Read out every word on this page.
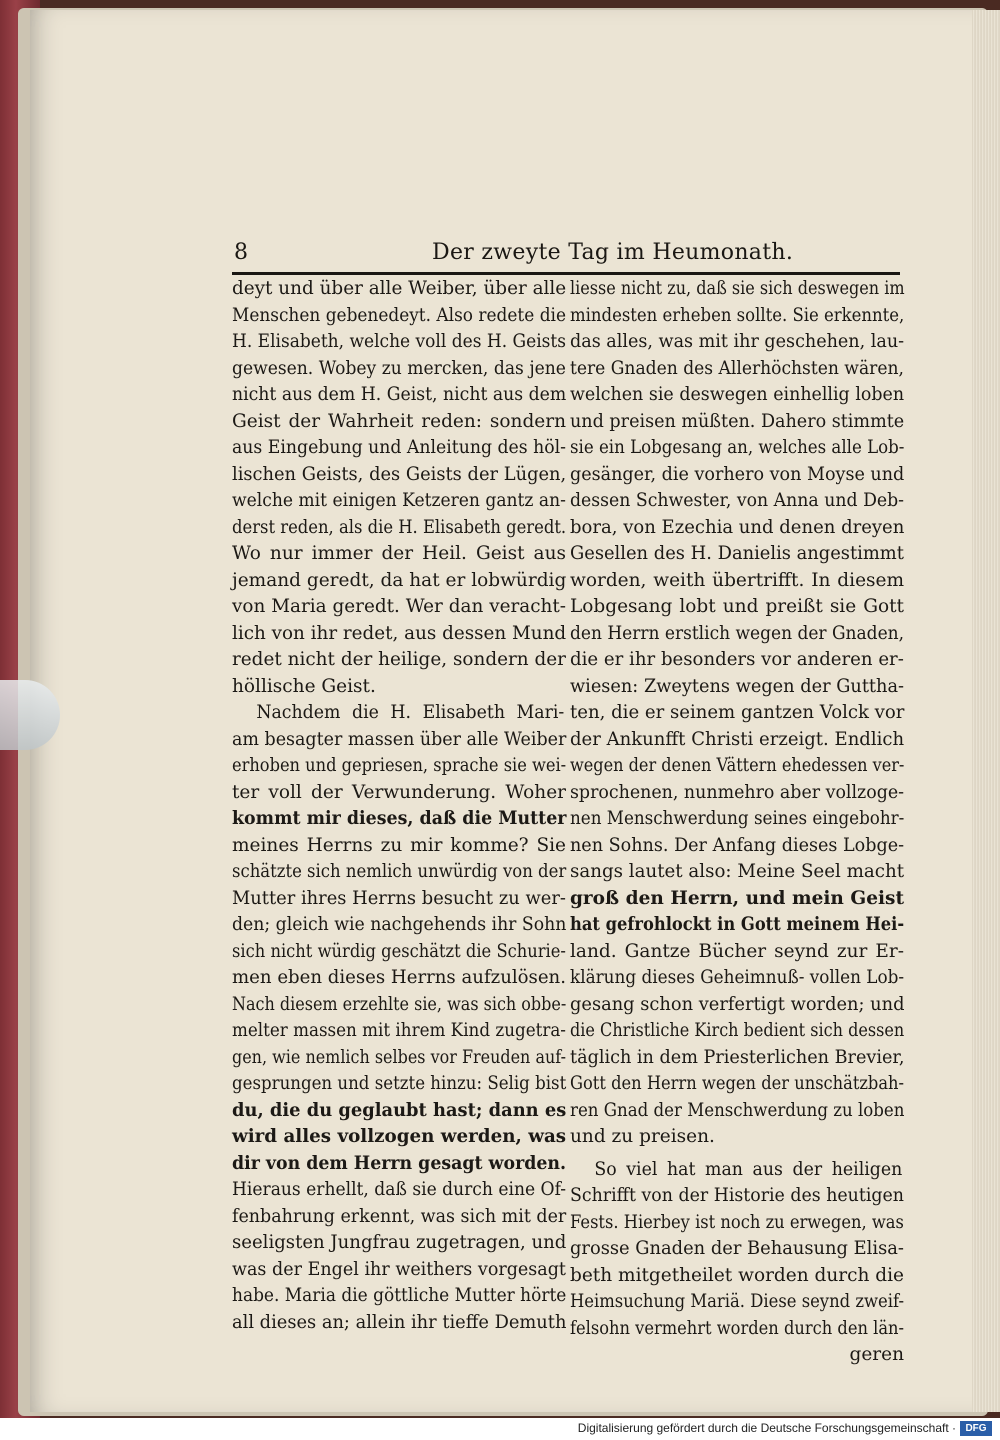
8	Der zweyte Tag im Heumonath.
deyt und über alle Weiber, über alle
Menschen gebenedeyt. Also redete die
H. Elisabeth, welche voll des H. Geists
gewesen. Wobey zu mercken, das jene
nicht aus dem H. Geist, nicht aus dem
Geist der Wahrheit reden: sondern
aus Eingebung und Anleitung des höl-
lischen Geists, des Geists der Lügen,
welche mit einigen Ketzeren gantz an-
derst reden, als die H. Elisabeth geredt.
Wo nur immer der Heil. Geist aus
jemand geredt, da hat er lobwürdig
von Maria geredt. Wer dan veracht-
lich von ihr redet, aus dessen Mund
redet nicht der heilige, sondern der
höllische Geist.
Nachdem die H. Elisabeth Mari-
am besagter massen über alle Weiber
erhoben und gepriesen, sprache sie wei-
ter voll der Verwunderung. Woher
kommt mir dieses, daß die Mutter
meines Herrns zu mir komme? Sie
schätzte sich nemlich unwürdig von der
Mutter ihres Herrns besucht zu wer-
den; gleich wie nachgehends ihr Sohn
sich nicht würdig geschätzt die Schurie-
men eben dieses Herrns aufzulösen.
Nach diesem erzehlte sie, was sich obbe-
melter massen mit ihrem Kind zugetra-
gen, wie nemlich selbes vor Freuden auf-
gesprungen und setzte hinzu: Selig bist
du, die du geglaubt hast; dann es
wird alles vollzogen werden, was
dir von dem Herrn gesagt worden.
Hieraus erhellt, daß sie durch eine Of-
fenbahrung erkennt, was sich mit der
seeligsten Jungfrau zugetragen, und
was der Engel ihr weithers vorgesagt
habe. Maria die göttliche Mutter hörte
all dieses an; allein ihr tieffe Demuth
liesse nicht zu, daß sie sich deswegen im
mindesten erheben sollte. Sie erkennte,
das alles, was mit ihr geschehen, lau-
tere Gnaden des Allerhöchsten wären,
welchen sie deswegen einhellig loben
und preisen müßten. Dahero stimmte
sie ein Lobgesang an, welches alle Lob-
gesänger, die vorhero von Moyse und
dessen Schwester, von Anna und Deb-
bora, von Ezechia und denen dreyen
Gesellen des H. Danielis angestimmt
worden, weith übertrifft. In diesem
Lobgesang lobt und preißt sie Gott
den Herrn erstlich wegen der Gnaden,
die er ihr besonders vor anderen er-
wiesen: Zweytens wegen der Guttha-
ten, die er seinem gantzen Volck vor
der Ankunfft Christi erzeigt. Endlich
wegen der denen Vättern ehedessen ver-
sprochenen, nunmehro aber vollzoge-
nen Menschwerdung seines eingebohr-
nen Sohns. Der Anfang dieses Lobge-
sangs lautet also: Meine Seel macht
groß den Herrn, und mein Geist
hat gefrohlockt in Gott meinem Hei-
land. Gantze Bücher seynd zur Er-
klärung dieses Geheimnuß- vollen Lob-
gesang schon verfertigt worden; und
die Christliche Kirch bedient sich dessen
täglich in dem Priesterlichen Brevier,
Gott den Herrn wegen der unschätzbah-
ren Gnad der Menschwerdung zu loben
und zu preisen.
So viel hat man aus der heiligen
Schrifft von der Historie des heutigen
Fests. Hierbey ist noch zu erwegen, was
grosse Gnaden der Behausung Elisa-
beth mitgetheilet worden durch die
Heimsuchung Mariä. Diese seynd zweif-
felsohn vermehrt worden durch den län-
geren
Digitalisierung gefördert durch die Deutsche Forschungsgemeinschaft · DFG
